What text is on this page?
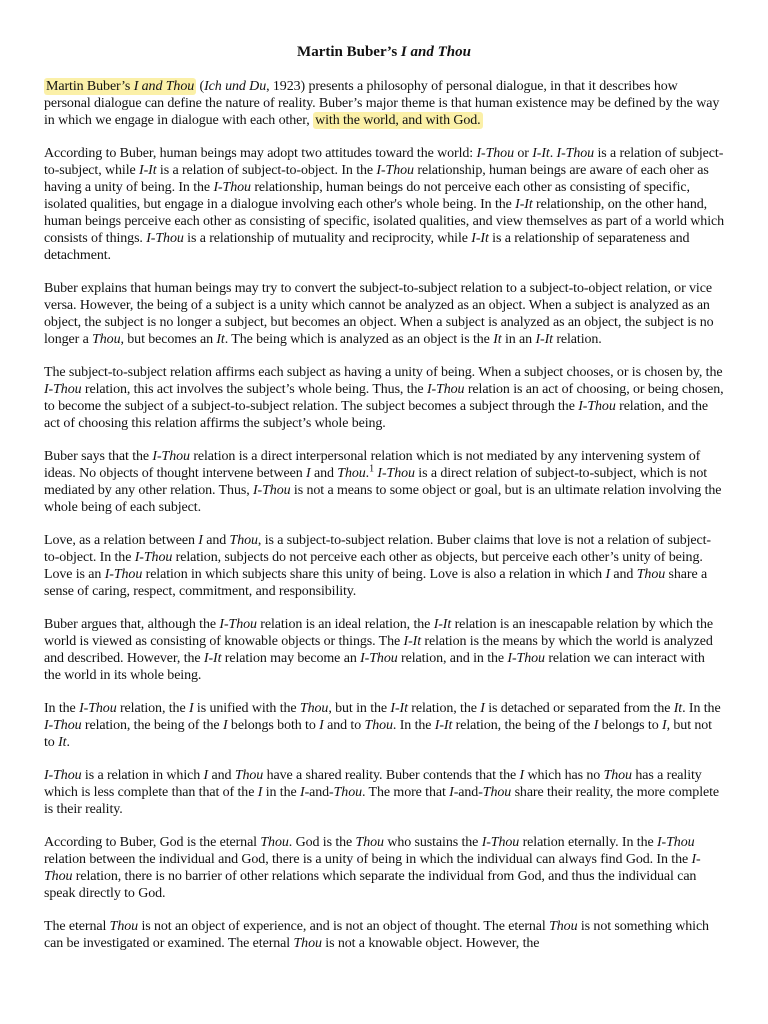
Martin Buber’s I and Thou

Martin Buber’s I and Thou (Ich und Du, 1923) presents a philosophy of personal dialogue, in that it describes how personal dialogue can define the nature of reality. Buber’s major theme is that human existence may be defined by the way in which we engage in dialogue with each other, with the world, and with God.

According to Buber, human beings may adopt two attitudes toward the world: I-Thou or I-It. I-Thou is a relation of subject-to-subject, while I-It is a relation of subject-to-object. In the I-Thou relationship, human beings are aware of each oher as having a unity of being. In the I-Thou relationship, human beings do not perceive each other as consisting of specific, isolated qualities, but engage in a dialogue involving each other's whole being. In the I-It relationship, on the other hand, human beings perceive each other as consisting of specific, isolated qualities, and view themselves as part of a world which consists of things. I-Thou is a relationship of mutuality and reciprocity, while I-It is a relationship of separateness and detachment.

Buber explains that human beings may try to convert the subject-to-subject relation to a subject-to-object relation, or vice versa. However, the being of a subject is a unity which cannot be analyzed as an object. When a subject is analyzed as an object, the subject is no longer a subject, but becomes an object. When a subject is analyzed as an object, the subject is no longer a Thou, but becomes an It. The being which is analyzed as an object is the It in an I-It relation.

The subject-to-subject relation affirms each subject as having a unity of being. When a subject chooses, or is chosen by, the I-Thou relation, this act involves the subject’s whole being. Thus, the I-Thou relation is an act of choosing, or being chosen, to become the subject of a subject-to-subject relation. The subject becomes a subject through the I-Thou relation, and the act of choosing this relation affirms the subject’s whole being.

Buber says that the I-Thou relation is a direct interpersonal relation which is not mediated by any intervening system of ideas. No objects of thought intervene between I and Thou.$^1$ I-Thou is a direct relation of subject-to-subject, which is not mediated by any other relation. Thus, I-Thou is not a means to some object or goal, but is an ultimate relation involving the whole being of each subject.

Love, as a relation between I and Thou, is a subject-to-subject relation. Buber claims that love is not a relation of subject-to-object. In the I-Thou relation, subjects do not perceive each other as objects, but perceive each other’s unity of being. Love is an I-Thou relation in which subjects share this unity of being. Love is also a relation in which I and Thou share a sense of caring, respect, commitment, and responsibility.

Buber argues that, although the I-Thou relation is an ideal relation, the I-It relation is an inescapable relation by which the world is viewed as consisting of knowable objects or things. The I-It relation is the means by which the world is analyzed and described. However, the I-It relation may become an I-Thou relation, and in the I-Thou relation we can interact with the world in its whole being.

In the I-Thou relation, the I is unified with the Thou, but in the I-It relation, the I is detached or separated from the It. In the I-Thou relation, the being of the I belongs both to I and to Thou. In the I-It relation, the being of the I belongs to I, but not to It.

I-Thou is a relation in which I and Thou have a shared reality. Buber contends that the I which has no Thou has a reality which is less complete than that of the I in the I-and-Thou. The more that I-and-Thou share their reality, the more complete is their reality.

According to Buber, God is the eternal Thou. God is the Thou who sustains the I-Thou relation eternally. In the I-Thou relation between the individual and God, there is a unity of being in which the individual can always find God. In the I-Thou relation, there is no barrier of other relations which separate the individual from God, and thus the individual can speak directly to God.

The eternal Thou is not an object of experience, and is not an object of thought. The eternal Thou is not something which can be investigated or examined. The eternal Thou is not a knowable object. However, the
